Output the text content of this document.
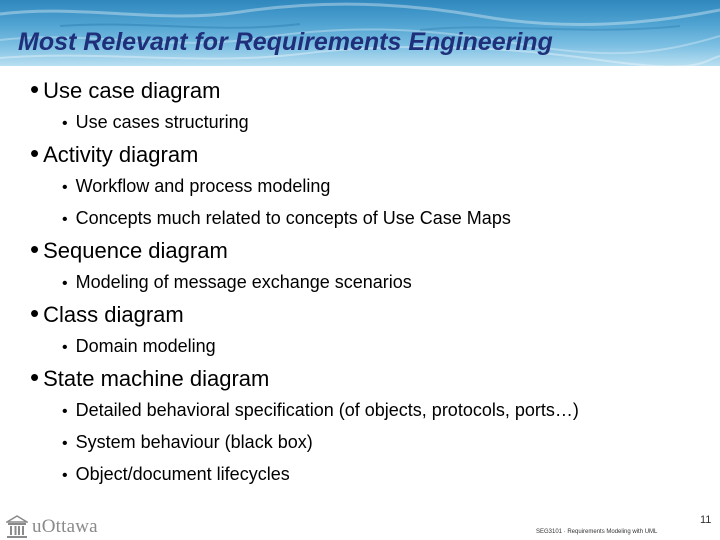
Most Relevant for Requirements Engineering
• Use case diagram
• Use cases structuring
• Activity diagram
• Workflow and process modeling
• Concepts much related to concepts of Use Case Maps
• Sequence diagram
• Modeling of message exchange scenarios
• Class diagram
• Domain modeling
• State machine diagram
• Detailed behavioral specification (of objects, protocols, ports…)
• System behaviour (black box)
• Object/document lifecycles
uOttawa	SEG3101 · Requirements Modeling with UML
11
